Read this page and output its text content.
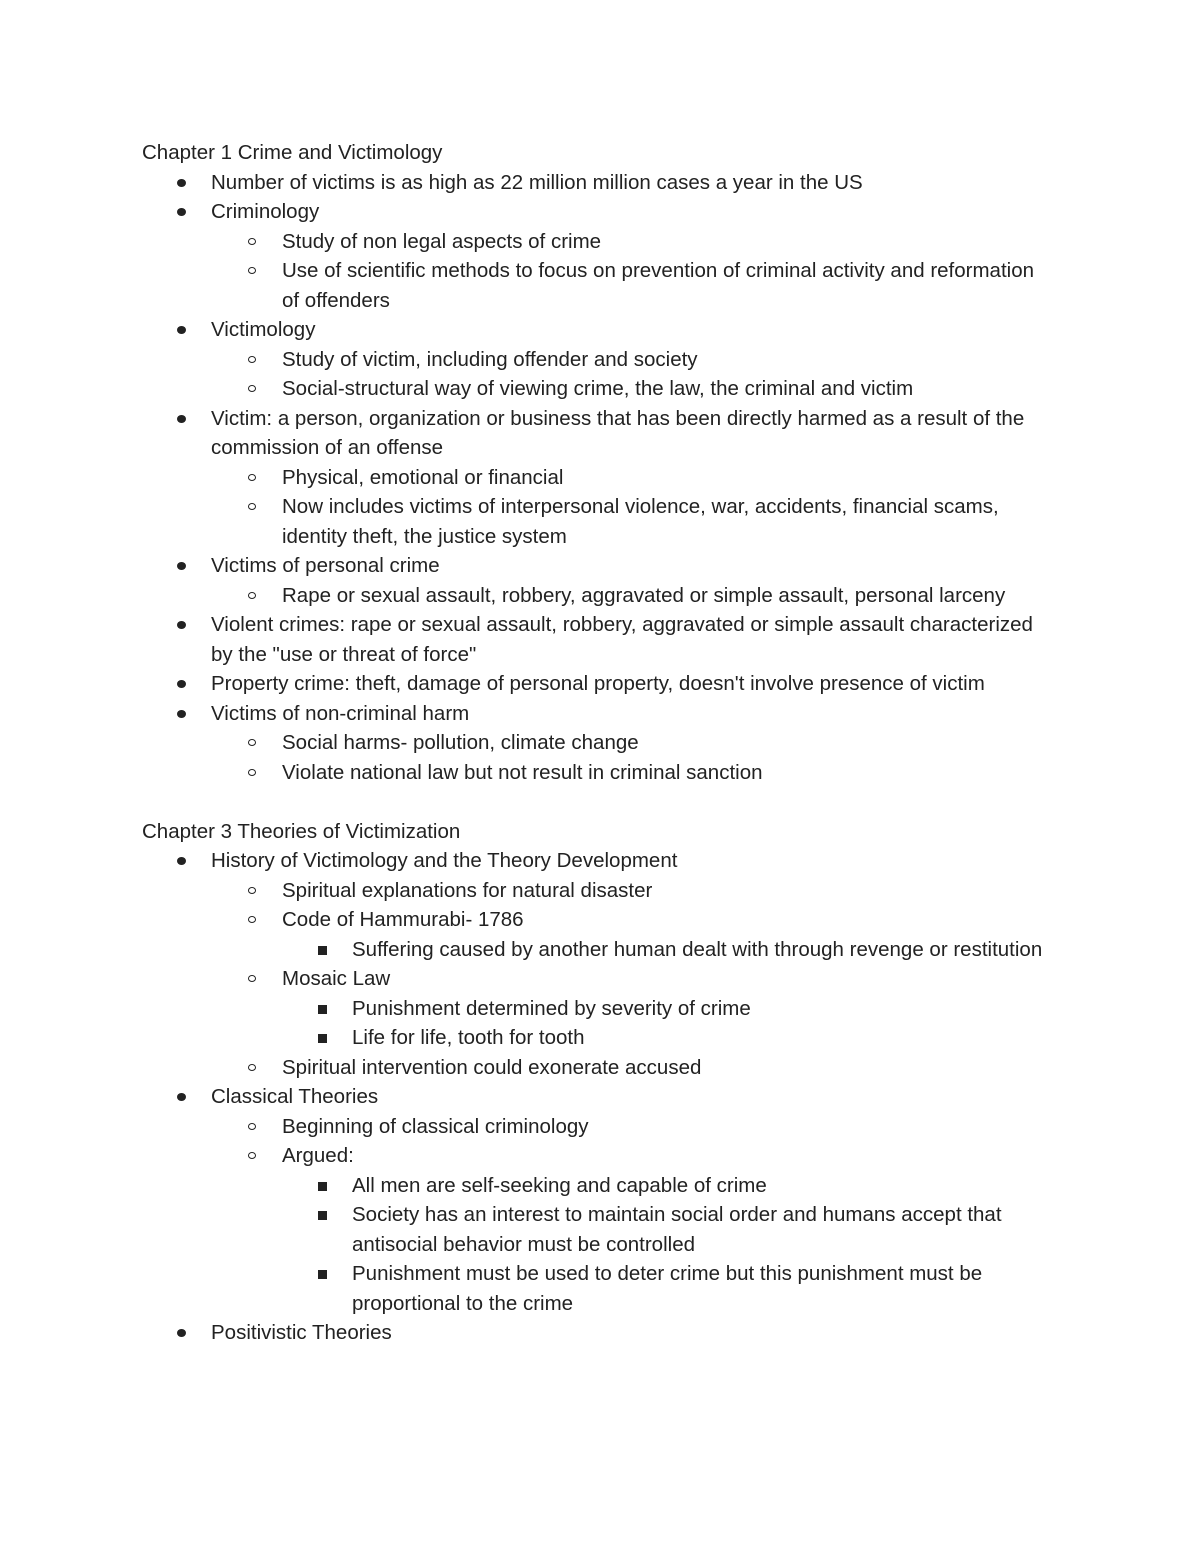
Chapter 1 Crime and Victimology
Number of victims is as high as 22 million million cases a year in the US
Criminology
Study of non legal aspects of crime
Use of scientific methods to focus on prevention of criminal activity and reformation of offenders
Victimology
Study of victim, including offender and society
Social-structural way of viewing crime, the law, the criminal and victim
Victim: a person, organization or business that has been directly harmed as a result of the commission of an offense
Physical, emotional or financial
Now includes victims of interpersonal violence, war, accidents, financial scams, identity theft, the justice system
Victims of personal crime
Rape or sexual assault, robbery, aggravated or simple assault, personal larceny
Violent crimes: rape or sexual assault, robbery, aggravated or simple assault characterized by the "use or threat of force"
Property crime: theft, damage of personal property, doesn't involve presence of victim
Victims of non-criminal harm
Social harms- pollution, climate change
Violate national law but not result in criminal sanction
Chapter 3 Theories of Victimization
History of Victimology and the Theory Development
Spiritual explanations for natural disaster
Code of Hammurabi- 1786
Suffering caused by another human dealt with through revenge or restitution
Mosaic Law
Punishment determined by severity of crime
Life for life, tooth for tooth
Spiritual intervention could exonerate accused
Classical Theories
Beginning of classical criminology
Argued:
All men are self-seeking and capable of crime
Society has an interest to maintain social order and humans accept that antisocial behavior must be controlled
Punishment must be used to deter crime but this punishment must be proportional to the crime
Positivistic Theories
